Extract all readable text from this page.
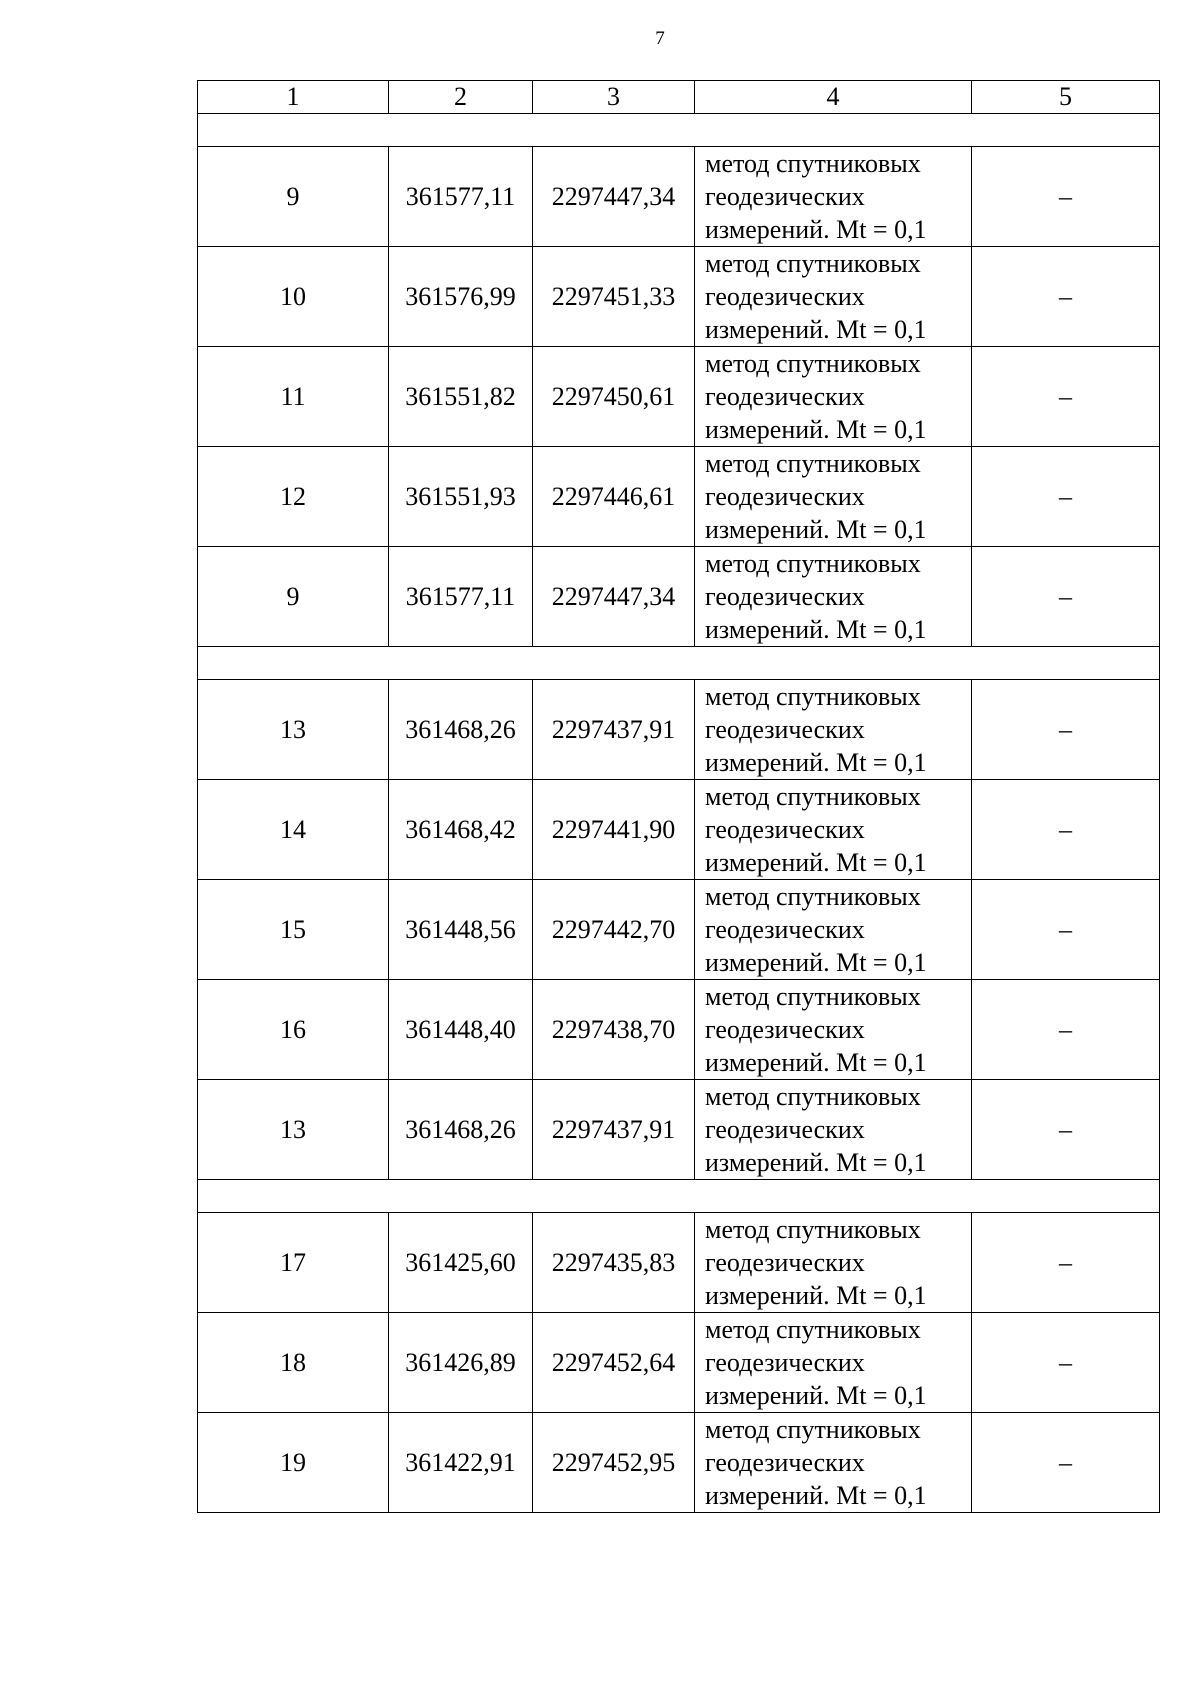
7
1	2	3	4	5

9	361577,11	2297447,34	метод спутниковых
геодезических
измерений. Mt = 0,1	–
10	361576,99	2297451,33	метод спутниковых
геодезических
измерений. Mt = 0,1	–
11	361551,82	2297450,61	метод спутниковых
геодезических
измерений. Mt = 0,1	–
12	361551,93	2297446,61	метод спутниковых
геодезических
измерений. Mt = 0,1	–
9	361577,11	2297447,34	метод спутниковых
геодезических
измерений. Mt = 0,1	–

13	361468,26	2297437,91	метод спутниковых
геодезических
измерений. Mt = 0,1	–
14	361468,42	2297441,90	метод спутниковых
геодезических
измерений. Mt = 0,1	–
15	361448,56	2297442,70	метод спутниковых
геодезических
измерений. Mt = 0,1	–
16	361448,40	2297438,70	метод спутниковых
геодезических
измерений. Mt = 0,1	–
13	361468,26	2297437,91	метод спутниковых
геодезических
измерений. Mt = 0,1	–

17	361425,60	2297435,83	метод спутниковых
геодезических
измерений. Mt = 0,1	–
18	361426,89	2297452,64	метод спутниковых
геодезических
измерений. Mt = 0,1	–
19	361422,91	2297452,95	метод спутниковых
геодезических
измерений. Mt = 0,1	–
